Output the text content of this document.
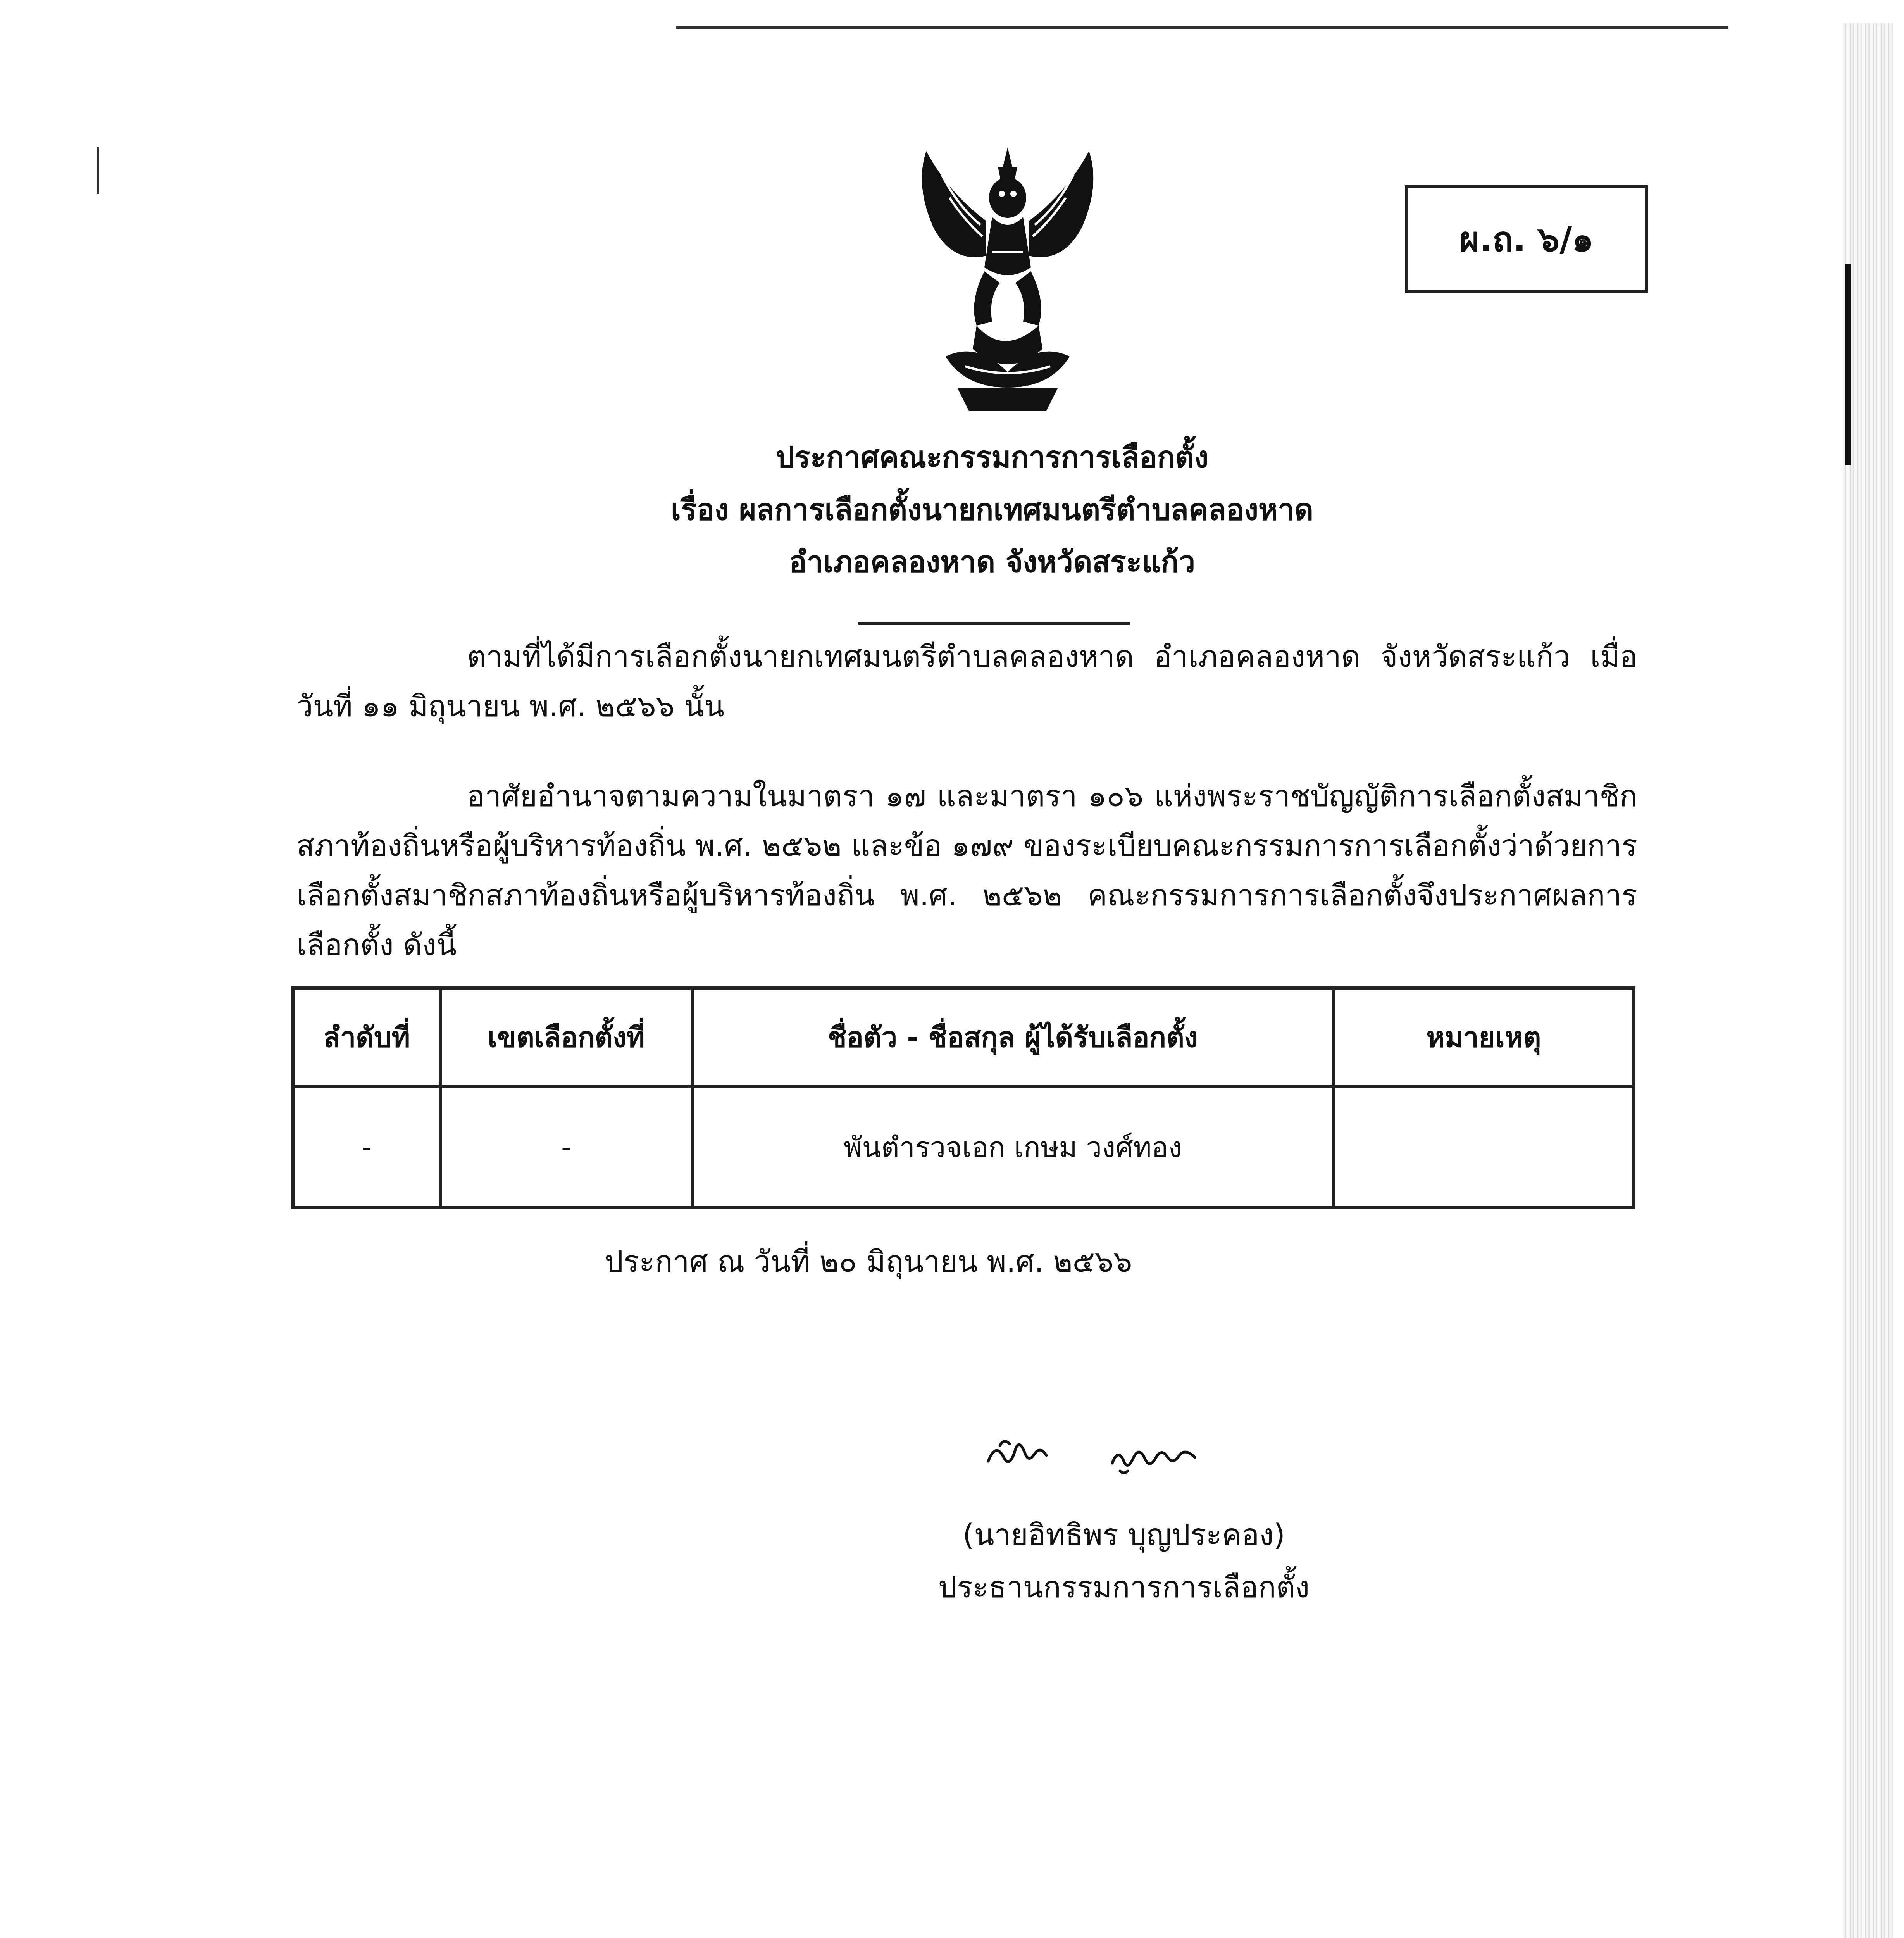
ผ.ถ. ๖/๑
ประกาศคณะกรรมการการเลือกตั้ง
เรื่อง ผลการเลือกตั้งนายกเทศมนตรีตำบลคลองหาด
อำเภอคลองหาด จังหวัดสระแก้ว
ตามที่ได้มีการเลือกตั้งนายกเทศมนตรีตำบลคลองหาด อำเภอคลองหาด จังหวัดสระแก้ว เมื่อวันที่ ๑๑ มิถุนายน พ.ศ. ๒๕๖๖ นั้น
อาศัยอำนาจตามความในมาตรา ๑๗ และมาตรา ๑๐๖ แห่งพระราชบัญญัติการเลือกตั้งสมาชิกสภาท้องถิ่นหรือผู้บริหารท้องถิ่น พ.ศ. ๒๕๖๒ และข้อ ๑๗๙ ของระเบียบคณะกรรมการการเลือกตั้งว่าด้วยการเลือกตั้งสมาชิกสภาท้องถิ่นหรือผู้บริหารท้องถิ่น พ.ศ. ๒๕๖๒ คณะกรรมการการเลือกตั้งจึงประกาศผลการเลือกตั้ง ดังนี้
ลำดับที่	เขตเลือกตั้งที่	ชื่อตัว - ชื่อสกุล ผู้ได้รับเลือกตั้ง	หมายเหตุ
-	-	พันตำรวจเอก เกษม วงศ์ทอง	
ประกาศ ณ วันที่ ๒๐ มิถุนายน พ.ศ. ๒๕๖๖
(นายอิทธิพร บุญประคอง)
ประธานกรรมการการเลือกตั้ง
